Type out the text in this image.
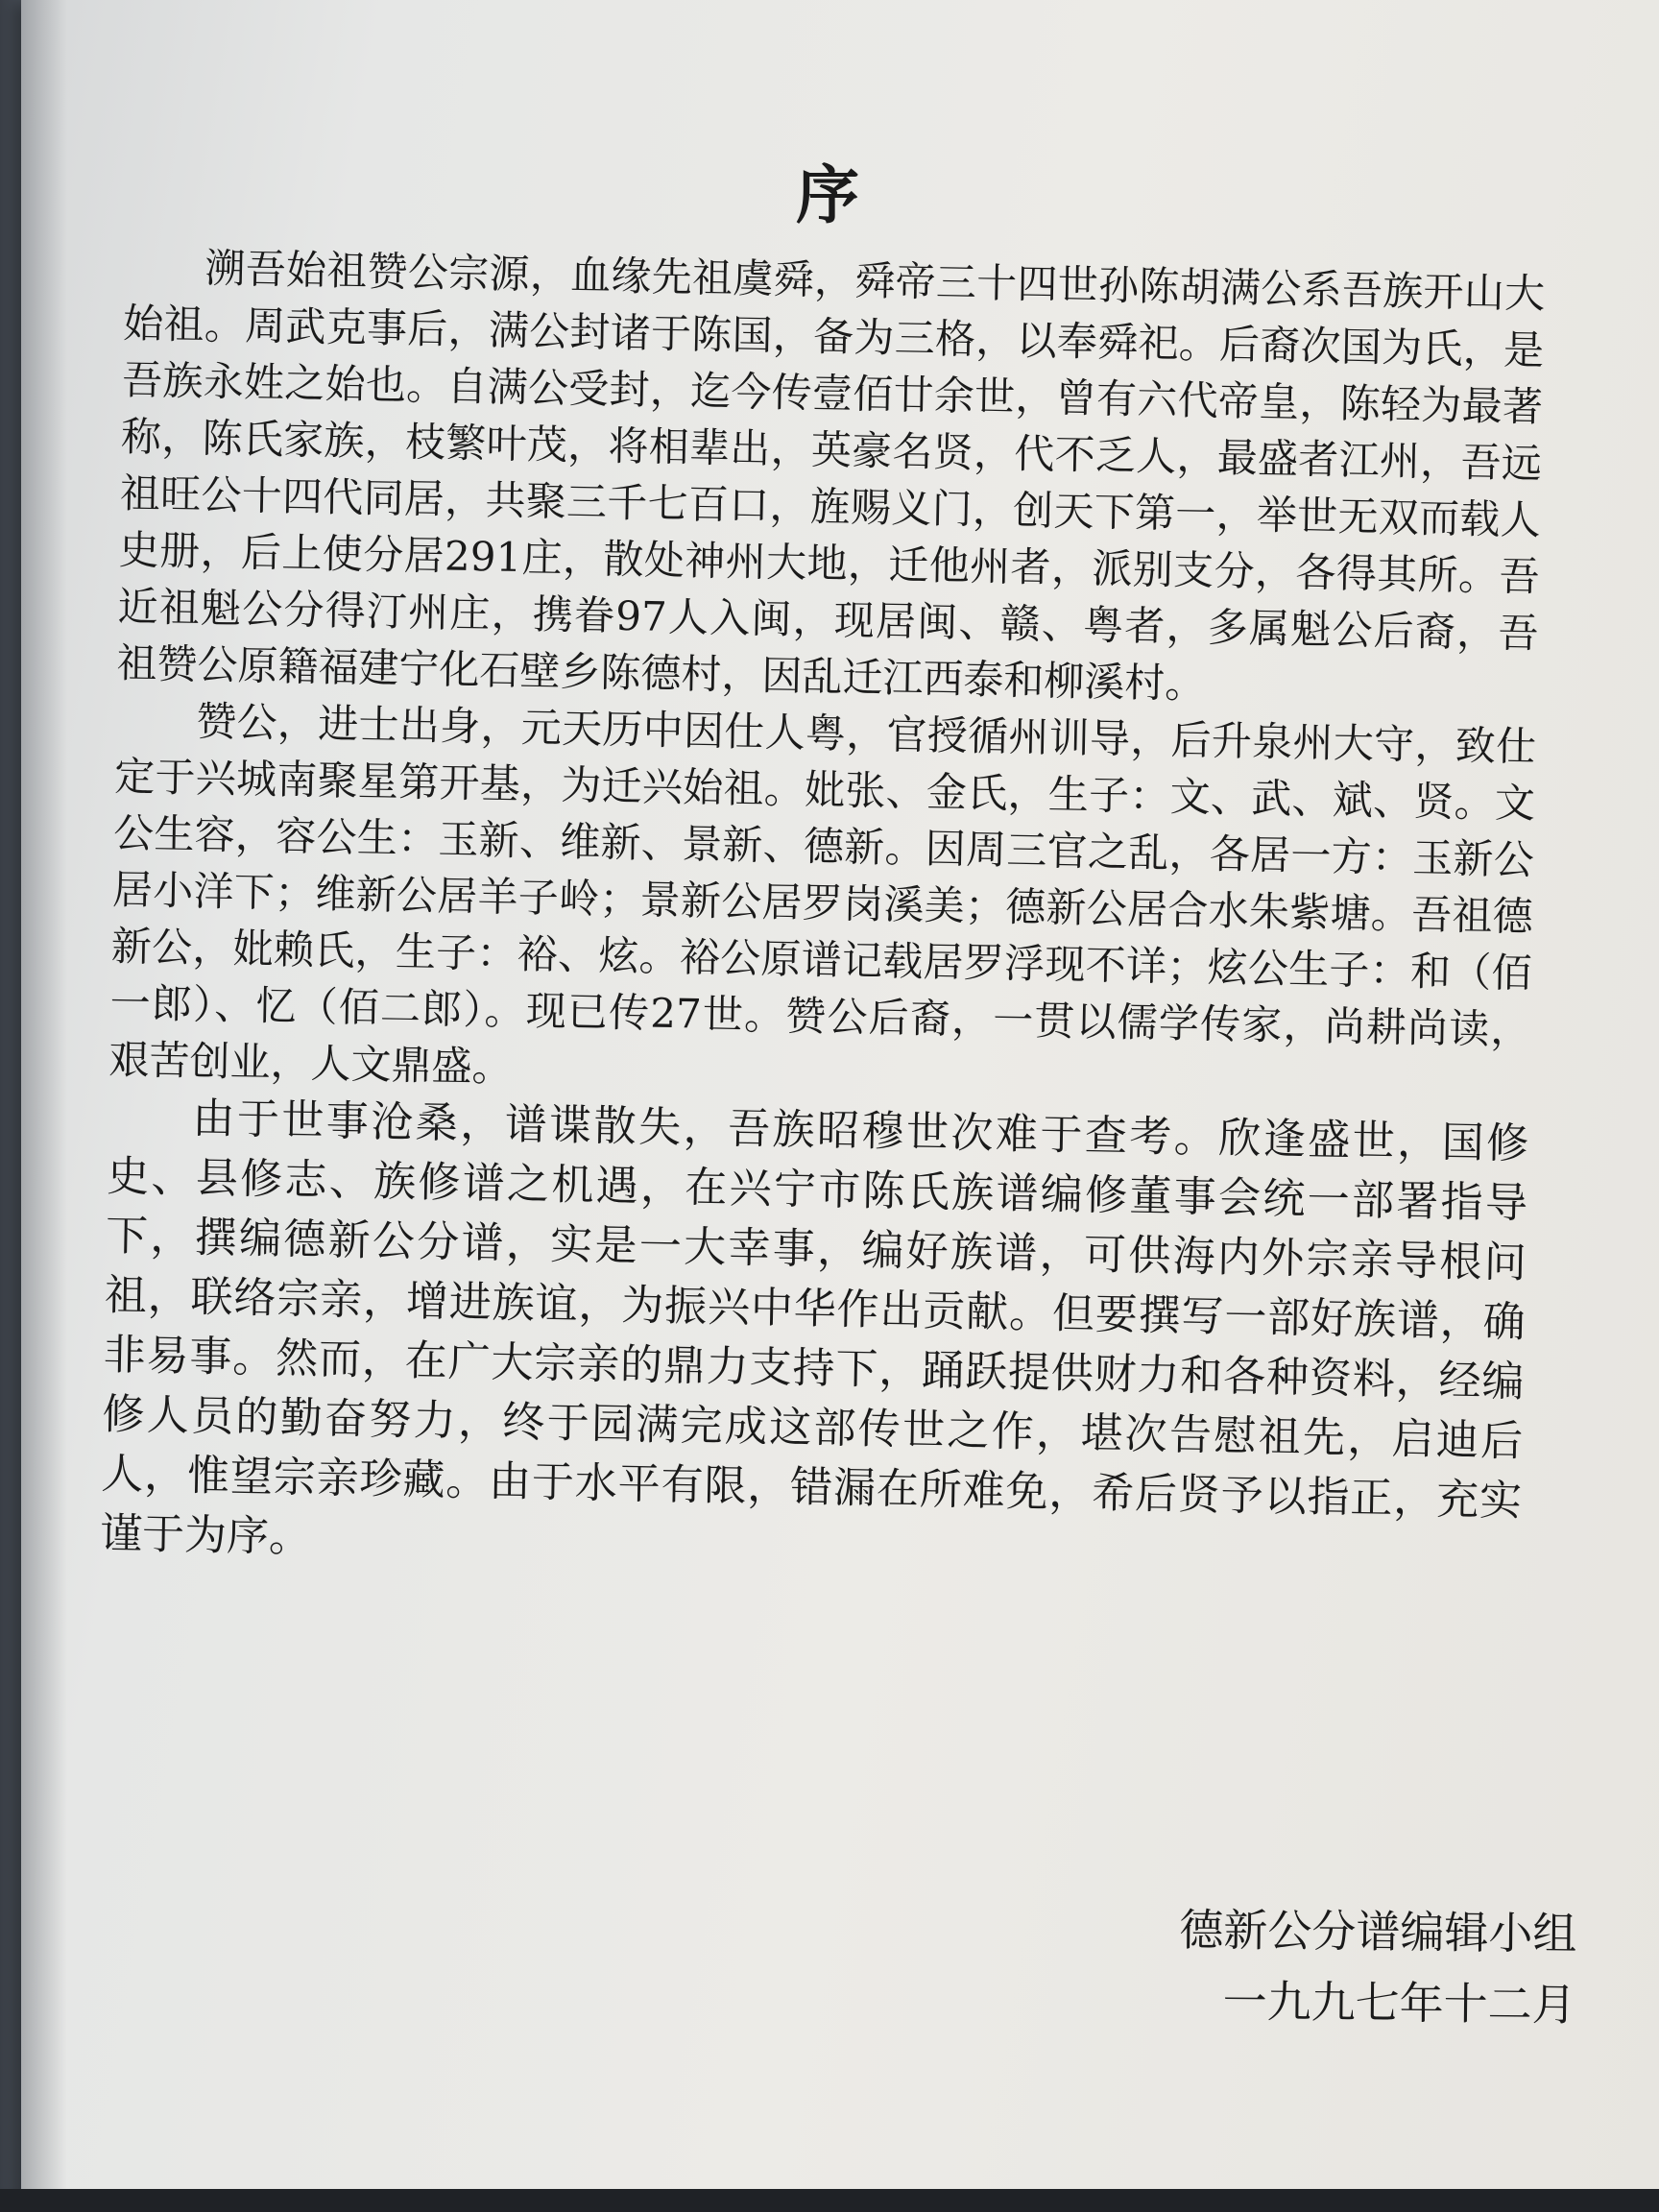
序

溯吾始祖赞公宗源，血缘先祖虞舜，舜帝三十四世孙陈胡满公系吾族开山大始祖。周武克事后，满公封诸于陈国，备为三格，以奉舜祀。后裔次国为氏，是吾族永姓之始也。自满公受封，迄今传壹佰廿余世，曾有六代帝皇，陈轻为最著称，陈氏家族，枝繁叶茂，将相辈出，英豪名贤，代不乏人，最盛者江州，吾远祖旺公十四代同居，共聚三千七百口，旌赐义门，创天下第一，举世无双而载人史册，后上使分居291庄，散处神州大地，迁他州者，派别支分，各得其所。吾近祖魁公分得汀州庄，携眷97人入闽，现居闽、赣、粤者，多属魁公后裔，吾祖赞公原籍福建宁化石壁乡陈德村，因乱迁江西泰和柳溪村。

赞公，进士出身，元天历中因仕人粤，官授循州训导，后升泉州大守，致仕定于兴城南聚星第开基，为迁兴始祖。妣张、金氏，生子：文、武、斌、贤。文公生容，容公生：玉新、维新、景新、德新。因周三官之乱，各居一方：玉新公居小洋下；维新公居羊子岭；景新公居罗岗溪美；德新公居合水朱紫塘。吾祖德新公，妣赖氏，生子：裕、炫。裕公原谱记载居罗浮现不详；炫公生子：和（佰一郎）、忆（佰二郎）。现已传27世。赞公后裔，一贯以儒学传家，尚耕尚读，艰苦创业，人文鼎盛。

由于世事沧桑，谱谍散失，吾族昭穆世次难于查考。欣逢盛世，国修史、县修志、族修谱之机遇，在兴宁市陈氏族谱编修董事会统一部署指导下，撰编德新公分谱，实是一大幸事，编好族谱，可供海内外宗亲导根问祖，联络宗亲，增进族谊，为振兴中华作出贡献。但要撰写一部好族谱，确非易事。然而，在广大宗亲的鼎力支持下，踊跃提供财力和各种资料，经编修人员的勤奋努力，终于园满完成这部传世之作，堪次告慰祖先，启迪后人，惟望宗亲珍藏。由于水平有限，错漏在所难免，希后贤予以指正，充实 谨于为序。

德新公分谱编辑小组
一九九七年十二月
